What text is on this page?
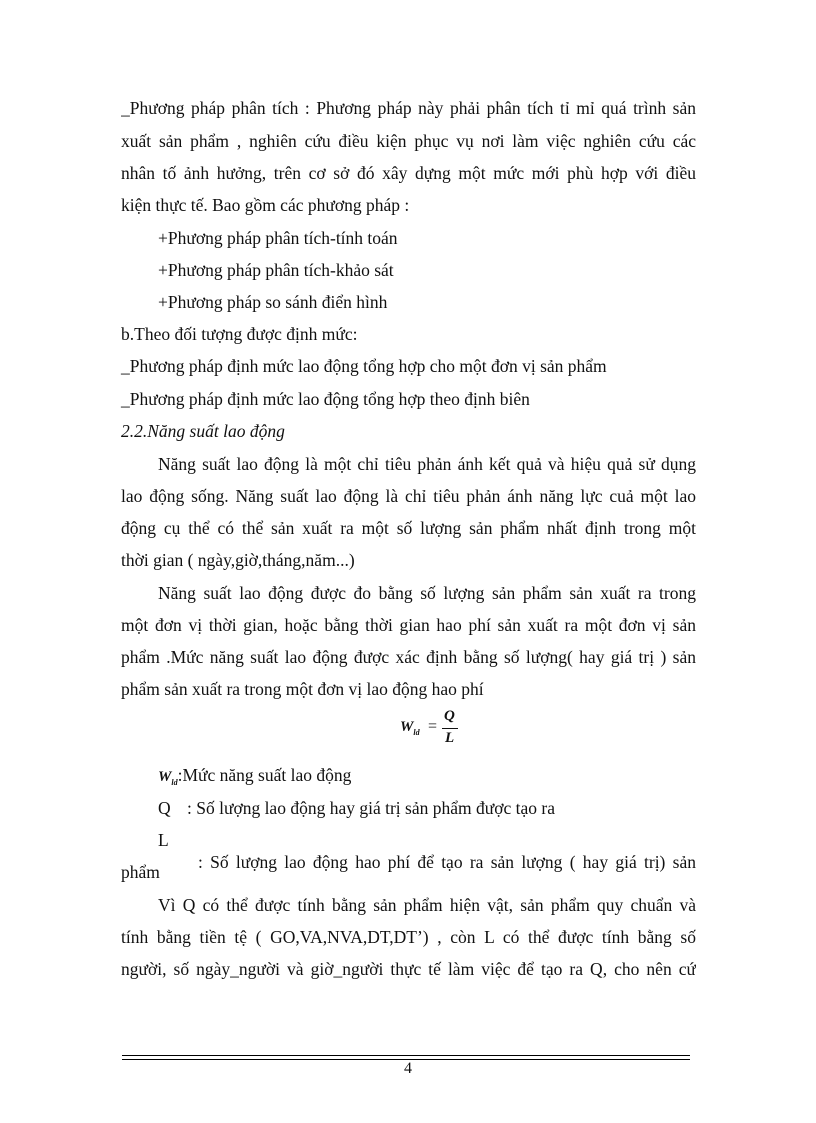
_Phương pháp phân tích : Phương pháp này phải phân tích tỉ mỉ quá trình sản
xuất sản phẩm , nghiên cứu điều kiện phục vụ nơi làm việc nghiên cứu các
nhân tố ảnh hưởng, trên cơ sở đó xây dựng một mức mới phù hợp với điều
kiện thực tế. Bao gồm các phương pháp :
+Phương pháp phân tích-tính toán
+Phương pháp phân tích-khảo sát
+Phương pháp so sánh điển hình
b.Theo đối tượng được định mức:
_Phương pháp định mức lao động tổng hợp cho một đơn vị sản phẩm
_Phương pháp định mức lao động tổng hợp theo định biên
2.2.Năng suất lao động
Năng suất lao động là một chỉ tiêu phản ánh kết quả và hiệu quả sử dụng
lao động sống. Năng suất lao động là chỉ tiêu phản ánh năng lực cuả một lao
động cụ thể có thể sản xuất ra một số lượng sản phẩm nhất định trong một
thời gian ( ngày,giờ,tháng,năm...)
Năng suất lao động được đo bằng số lượng sản phẩm sản xuất ra trong
một đơn vị thời gian, hoặc bằng thời gian hao phí sản xuất ra một đơn vị sản
phẩm .Mức năng suất lao động được xác định bằng số lượng( hay giá trị ) sản
phẩm sản xuất ra trong một đơn vị lao động hao phí
$W_{ld}$ =
Q
L
$W_{ld}:Mức$ năng suất lao động
Q : Số lượng lao động hay giá trị sản phẩm được tạo ra
L
: Số lượng lao động hao phí để tạo ra sản lượng ( hay giá trị) sản
phẩm
Vì Q có thể được tính bằng sản phẩm hiện vật, sản phẩm quy chuẩn và
tính bằng tiền tệ ( GO,VA,NVA,DT,DT’) , còn L có thể được tính bằng số
người, số ngày_người và giờ_người thực tế làm việc để tạo ra Q, cho nên cứ
4
